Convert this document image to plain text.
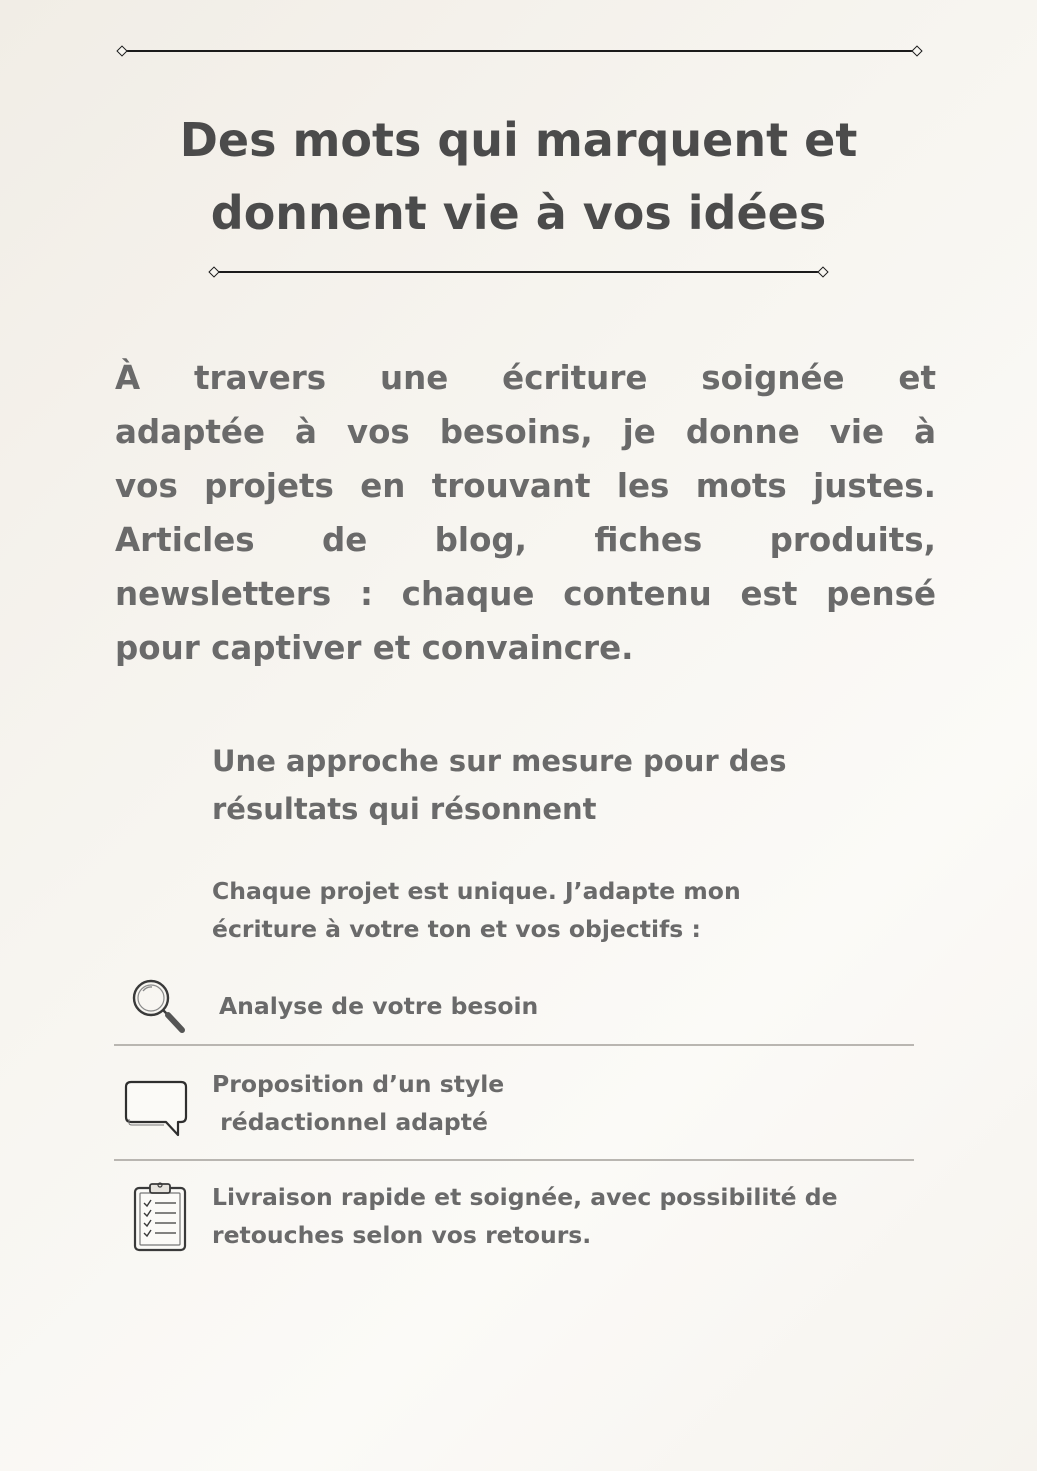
Des mots qui marquent et
donnent vie à vos idées

À travers une écriture soignée et
adaptée à vos besoins, je donne vie à
vos projets en trouvant les mots justes.
Articles de blog, fiches produits,
newsletters : chaque contenu est pensé
pour captiver et convaincre.

Une approche sur mesure pour des
résultats qui résonnent

Chaque projet est unique. J’adapte mon
écriture à votre ton et vos objectifs :

Analyse de votre besoin
Proposition d’un style
rédactionnel adapté
Livraison rapide et soignée, avec possibilité de
retouches selon vos retours.
